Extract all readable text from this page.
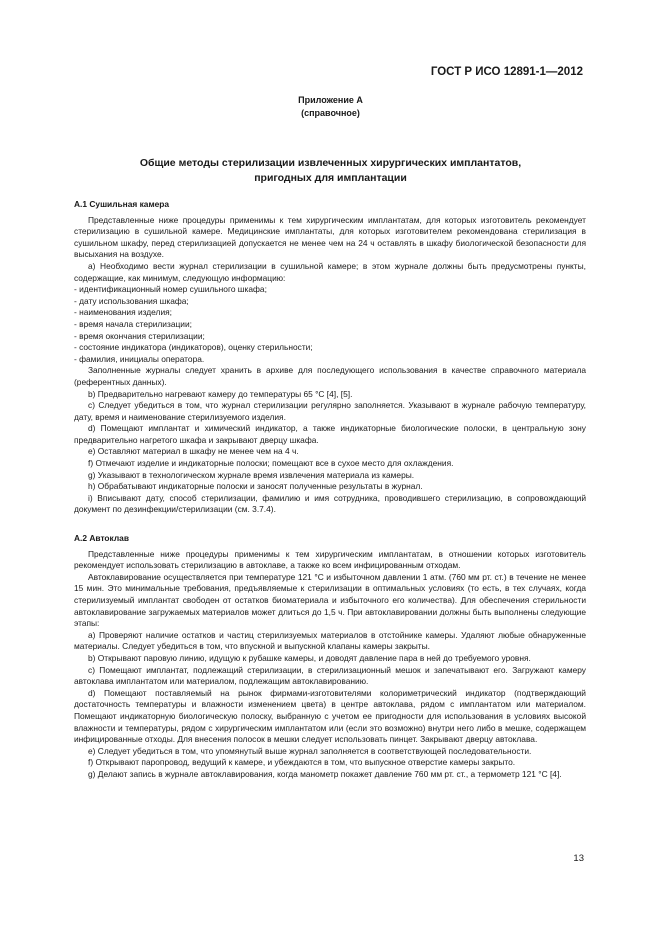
ГОСТ Р ИСО 12891-1—2012
Приложение А
(справочное)
Общие методы стерилизации извлеченных хирургических имплантатов,
пригодных для имплантации

А.1 Сушильная камера

Представленные ниже процедуры применимы к тем хирургическим имплантатам, для которых изготовитель рекомендует стерилизацию в сушильной камере. Медицинские имплантаты, для которых изготовителем рекомендована стерилизация в сушильном шкафу, перед стерилизацией допускается не менее чем на 24 ч оставлять в шкафу биологической безопасности для высыхания на воздухе.

a) Необходимо вести журнал стерилизации в сушильной камере; в этом журнале должны быть предусмотрены пункты, содержащие, как минимум, следующую информацию:

- идентификационный номер сушильного шкафа;

- дату использования шкафа;

- наименования изделия;

- время начала стерилизации;

- время окончания стерилизации;

- состояние индикатора (индикаторов), оценку стерильности;

- фамилия, инициалы оператора.

Заполненные журналы следует хранить в архиве для последующего использования в качестве справочного материала (референтных данных).

b) Предварительно нагревают камеру до температуры 65 °С [4], [5].

c) Следует убедиться в том, что журнал стерилизации регулярно заполняется. Указывают в журнале рабочую температуру, дату, время и наименование стерилизуемого изделия.

d) Помещают имплантат и химический индикатор, а также индикаторные биологические полоски, в центральную зону предварительно нагретого шкафа и закрывают дверцу шкафа.

e) Оставляют материал в шкафу не менее чем на 4 ч.

f) Отмечают изделие и индикаторные полоски; помещают все в сухое место для охлаждения.

g) Указывают в технологическом журнале время извлечения материала из камеры.

h) Обрабатывают индикаторные полоски и заносят полученные результаты в журнал.

i) Вписывают дату, способ стерилизации, фамилию и имя сотрудника, проводившего стерилизацию, в сопровождающий документ по дезинфекции/стерилизации (см. 3.7.4).

А.2 Автоклав

Представленные ниже процедуры применимы к тем хирургическим имплантатам, в отношении которых изготовитель рекомендует использовать стерилизацию в автоклаве, а также ко всем инфицированным отходам.

Автоклавирование осуществляется при температуре 121 °С и избыточном давлении 1 атм. (760 мм рт. ст.) в течение не менее 15 мин. Это минимальные требования, предъявляемые к стерилизации в оптимальных условиях (то есть, в тех случаях, когда стерилизуемый имплантат свободен от остатков биоматериала и избыточного его количества). Для обеспечения стерильности автоклавирование загружаемых материалов может длиться до 1,5 ч. При автоклавировании должны быть выполнены следующие этапы:

a) Проверяют наличие остатков и частиц стерилизуемых материалов в отстойнике камеры. Удаляют любые обнаруженные материалы. Следует убедиться в том, что впускной и выпускной клапаны камеры закрыты.

b) Открывают паровую линию, идущую к рубашке камеры, и доводят давление пара в ней до требуемого уровня.

c) Помещают имплантат, подлежащий стерилизации, в стерилизационный мешок и запечатывают его. Загружают камеру автоклава имплантатом или материалом, подлежащим автоклавированию.

d) Помещают поставляемый на рынок фирмами-изготовителями колориметрический индикатор (подтверждающий достаточность температуры и влажности изменением цвета) в центре автоклава, рядом с имплантатом или материалом. Помещают индикаторную биологическую полоску, выбранную с учетом ее пригодности для использования в условиях высокой влажности и температуры, рядом с хирургическим имплантатом или (если это возможно) внутри него либо в мешке, содержащем инфицированные отходы. Для внесения полосок в мешки следует использовать пинцет. Закрывают дверцу автоклава.

e) Следует убедиться в том, что упомянутый выше журнал заполняется в соответствующей последовательности.

f) Открывают паропровод, ведущий к камере, и убеждаются в том, что выпускное отверстие камеры закрыто.

g) Делают запись в журнале автоклавирования, когда манометр покажет давление 760 мм рт. ст., а термометр 121 °С [4].

13
